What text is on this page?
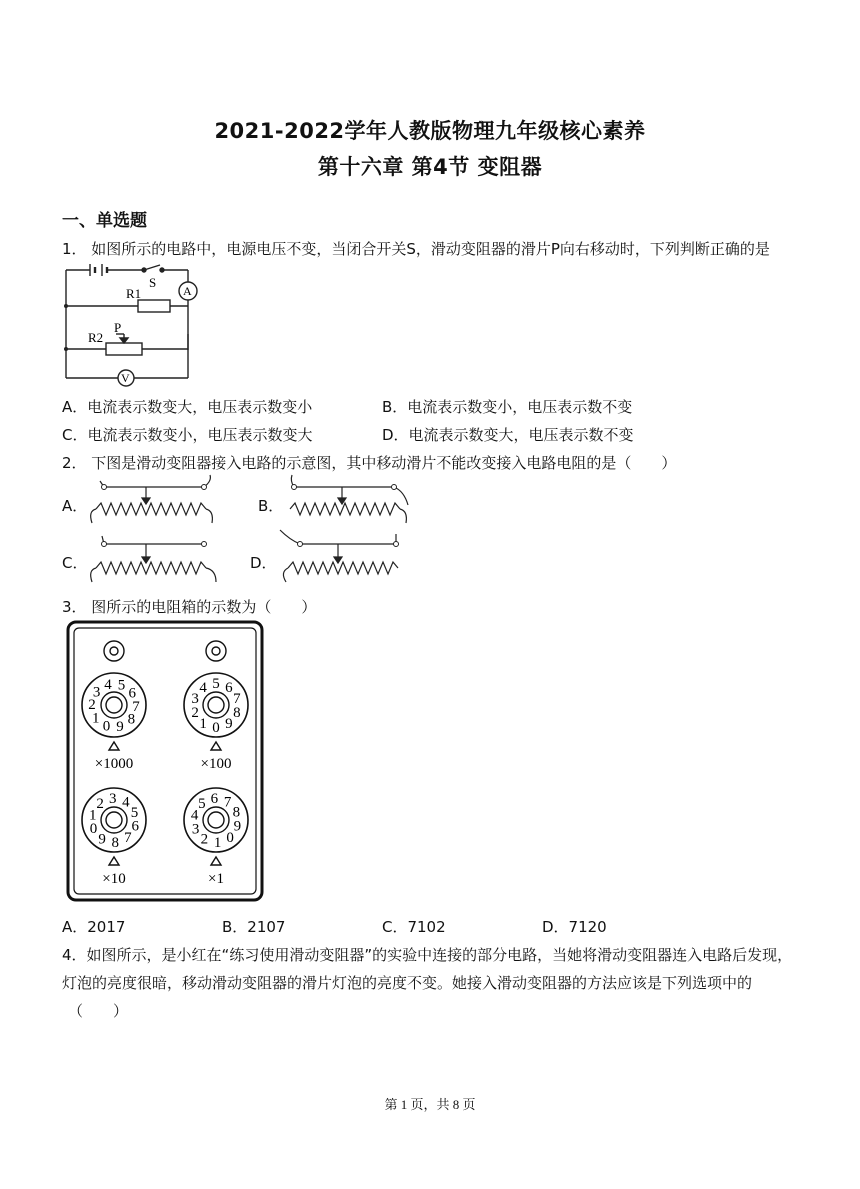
2021-2022学年人教版物理九年级核心素养
第十六章 第4节 变阻器
一、单选题
1． 如图所示的电路中，电源电压不变，当闭合开关S，滑动变阻器的滑片P向右移动时，下列判断正确的是
S
R1	A
R2
P
V
A．电流表示数变大，电压表示数变小	B．电流表示数变小，电压表示数不变
C．电流表示数变小，电压表示数变大	D．电流表示数变大，电压表示数不变
2． 下图是滑动变阻器接入电路的示意图，其中移动滑片不能改变接入电路电阻的是（　　）
A．	B．
C．	D．
3． 图所示的电阻箱的示数为（　　）
0
1
2
3 4 5
6
7
8
9
×1000
0
1
2
3
4 5 6
7
8
9
×100
0
1
2 3 4
5
6
7
8
9
×10
0
1
2
3
4
5 6 7
8
9
×1
A．2017	B．2107	C．7102	D．7120
4．如图所示，是小红在“练习使用滑动变阻器”的实验中连接的部分电路，当她将滑动变阻器连入电路后发现，
灯泡的亮度很暗，移动滑动变阻器的滑片灯泡的亮度不变。她接入滑动变阻器的方法应该是下列选项中的
（　　）
第 1 页，共 8 页
